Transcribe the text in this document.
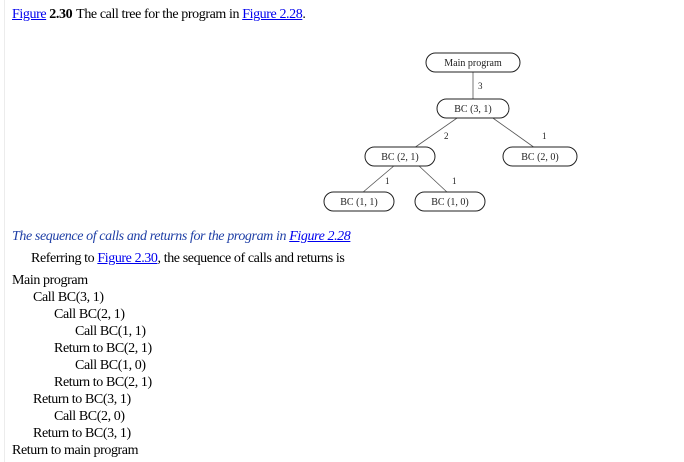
Figure 2.30 The call tree for the program in Figure 2.28.
3
2	1
1	1
Main program
BC (3, 1)
BC (2, 1)	BC (2, 0)
BC (1, 1)	BC (1, 0)
The sequence of calls and returns for the program in Figure 2.28
Referring to Figure 2.30, the sequence of calls and returns is
Main program
Call BC(3, 1)
Call BC(2, 1)
Call BC(1, 1)
Return to BC(2, 1)
Call BC(1, 0)
Return to BC(2, 1)
Return to BC(3, 1)
Call BC(2, 0)
Return to BC(3, 1)
Return to main program
